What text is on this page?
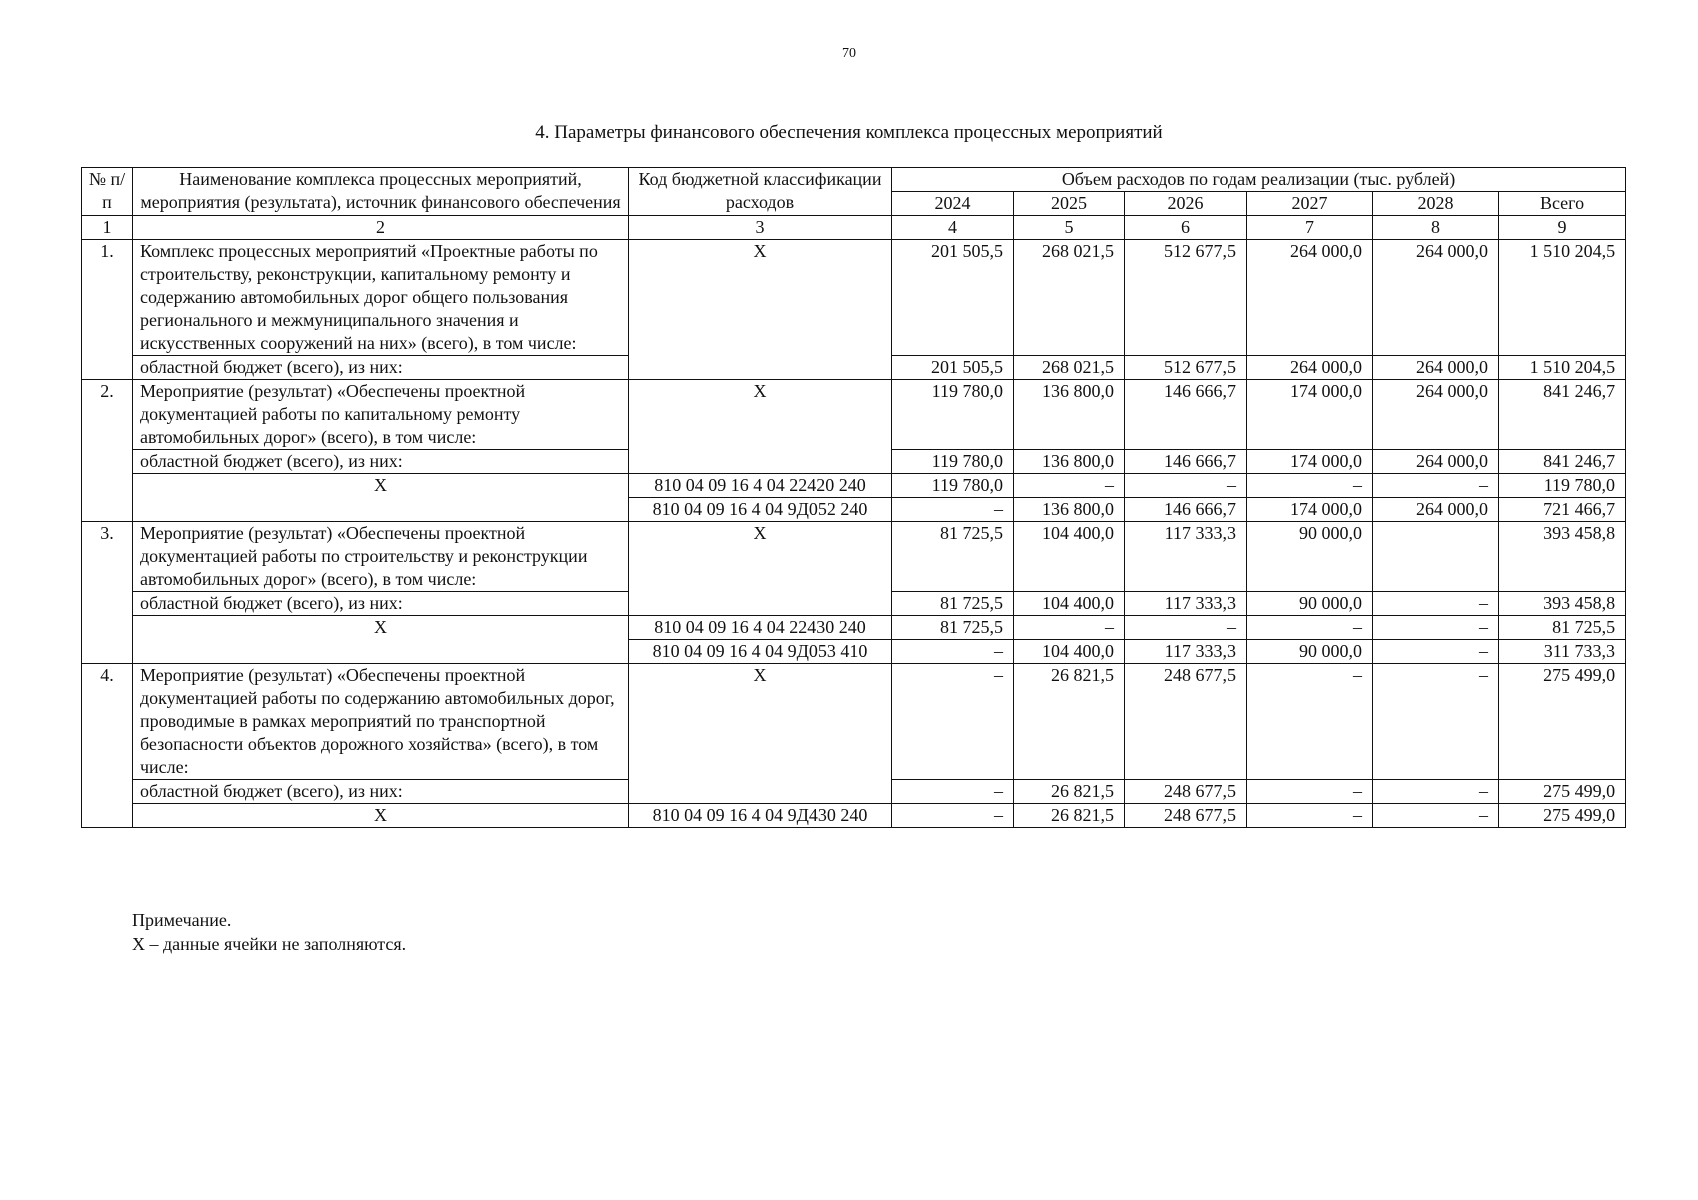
70
4. Параметры финансового обеспечения комплекса процессных мероприятий
№ п/п	Наименование комплекса процессных мероприятий, мероприятия (результата), источник финансового обеспечения	Код бюджетной классификации расходов	Объем расходов по годам реализации (тыс. рублей)					
			2024	2025	2026	2027	2028	Всего
1	2	3	4	5	6	7	8	9
1.	Комплекс процессных мероприятий «Проектные работы по строительству, реконструкции, капитальному ремонту и содержанию автомобильных дорог общего пользования регионального и межмуниципального значения и искусственных сооружений на них» (всего), в том числе:	Х	201 505,5	268 021,5	512 677,5	264 000,0	264 000,0	1 510 204,5
	областной бюджет (всего), из них:		201 505,5	268 021,5	512 677,5	264 000,0	264 000,0	1 510 204,5
2.	Мероприятие (результат) «Обеспечены проектной документацией работы по капитальному ремонту автомобильных дорог» (всего), в том числе:	Х	119 780,0	136 800,0	146 666,7	174 000,0	264 000,0	841 246,7
	областной бюджет (всего), из них:		119 780,0	136 800,0	146 666,7	174 000,0	264 000,0	841 246,7
	Х	810 04 09 16 4 04 22420 240	119 780,0	–	–	–	–	119 780,0
		810 04 09 16 4 04 9Д052 240	–	136 800,0	146 666,7	174 000,0	264 000,0	721 466,7
3.	Мероприятие (результат) «Обеспечены проектной документацией работы по строительству и реконструкции автомобильных дорог» (всего), в том числе:	Х	81 725,5	104 400,0	117 333,3	90 000,0		393 458,8
	областной бюджет (всего), из них:		81 725,5	104 400,0	117 333,3	90 000,0	–	393 458,8
	Х	810 04 09 16 4 04 22430 240	81 725,5	–	–	–	–	81 725,5
		810 04 09 16 4 04 9Д053 410	–	104 400,0	117 333,3	90 000,0	–	311 733,3
4.	Мероприятие (результат) «Обеспечены проектной документацией работы по содержанию автомобильных дорог, проводимые в рамках мероприятий по транспортной безопасности объектов дорожного хозяйства» (всего), в том числе:	Х	–	26 821,5	248 677,5	–	–	275 499,0
	областной бюджет (всего), из них:		–	26 821,5	248 677,5	–	–	275 499,0
	Х	810 04 09 16 4 04 9Д430 240	–	26 821,5	248 677,5	–	–	275 499,0
Примечание.
Х – данные ячейки не заполняются.
